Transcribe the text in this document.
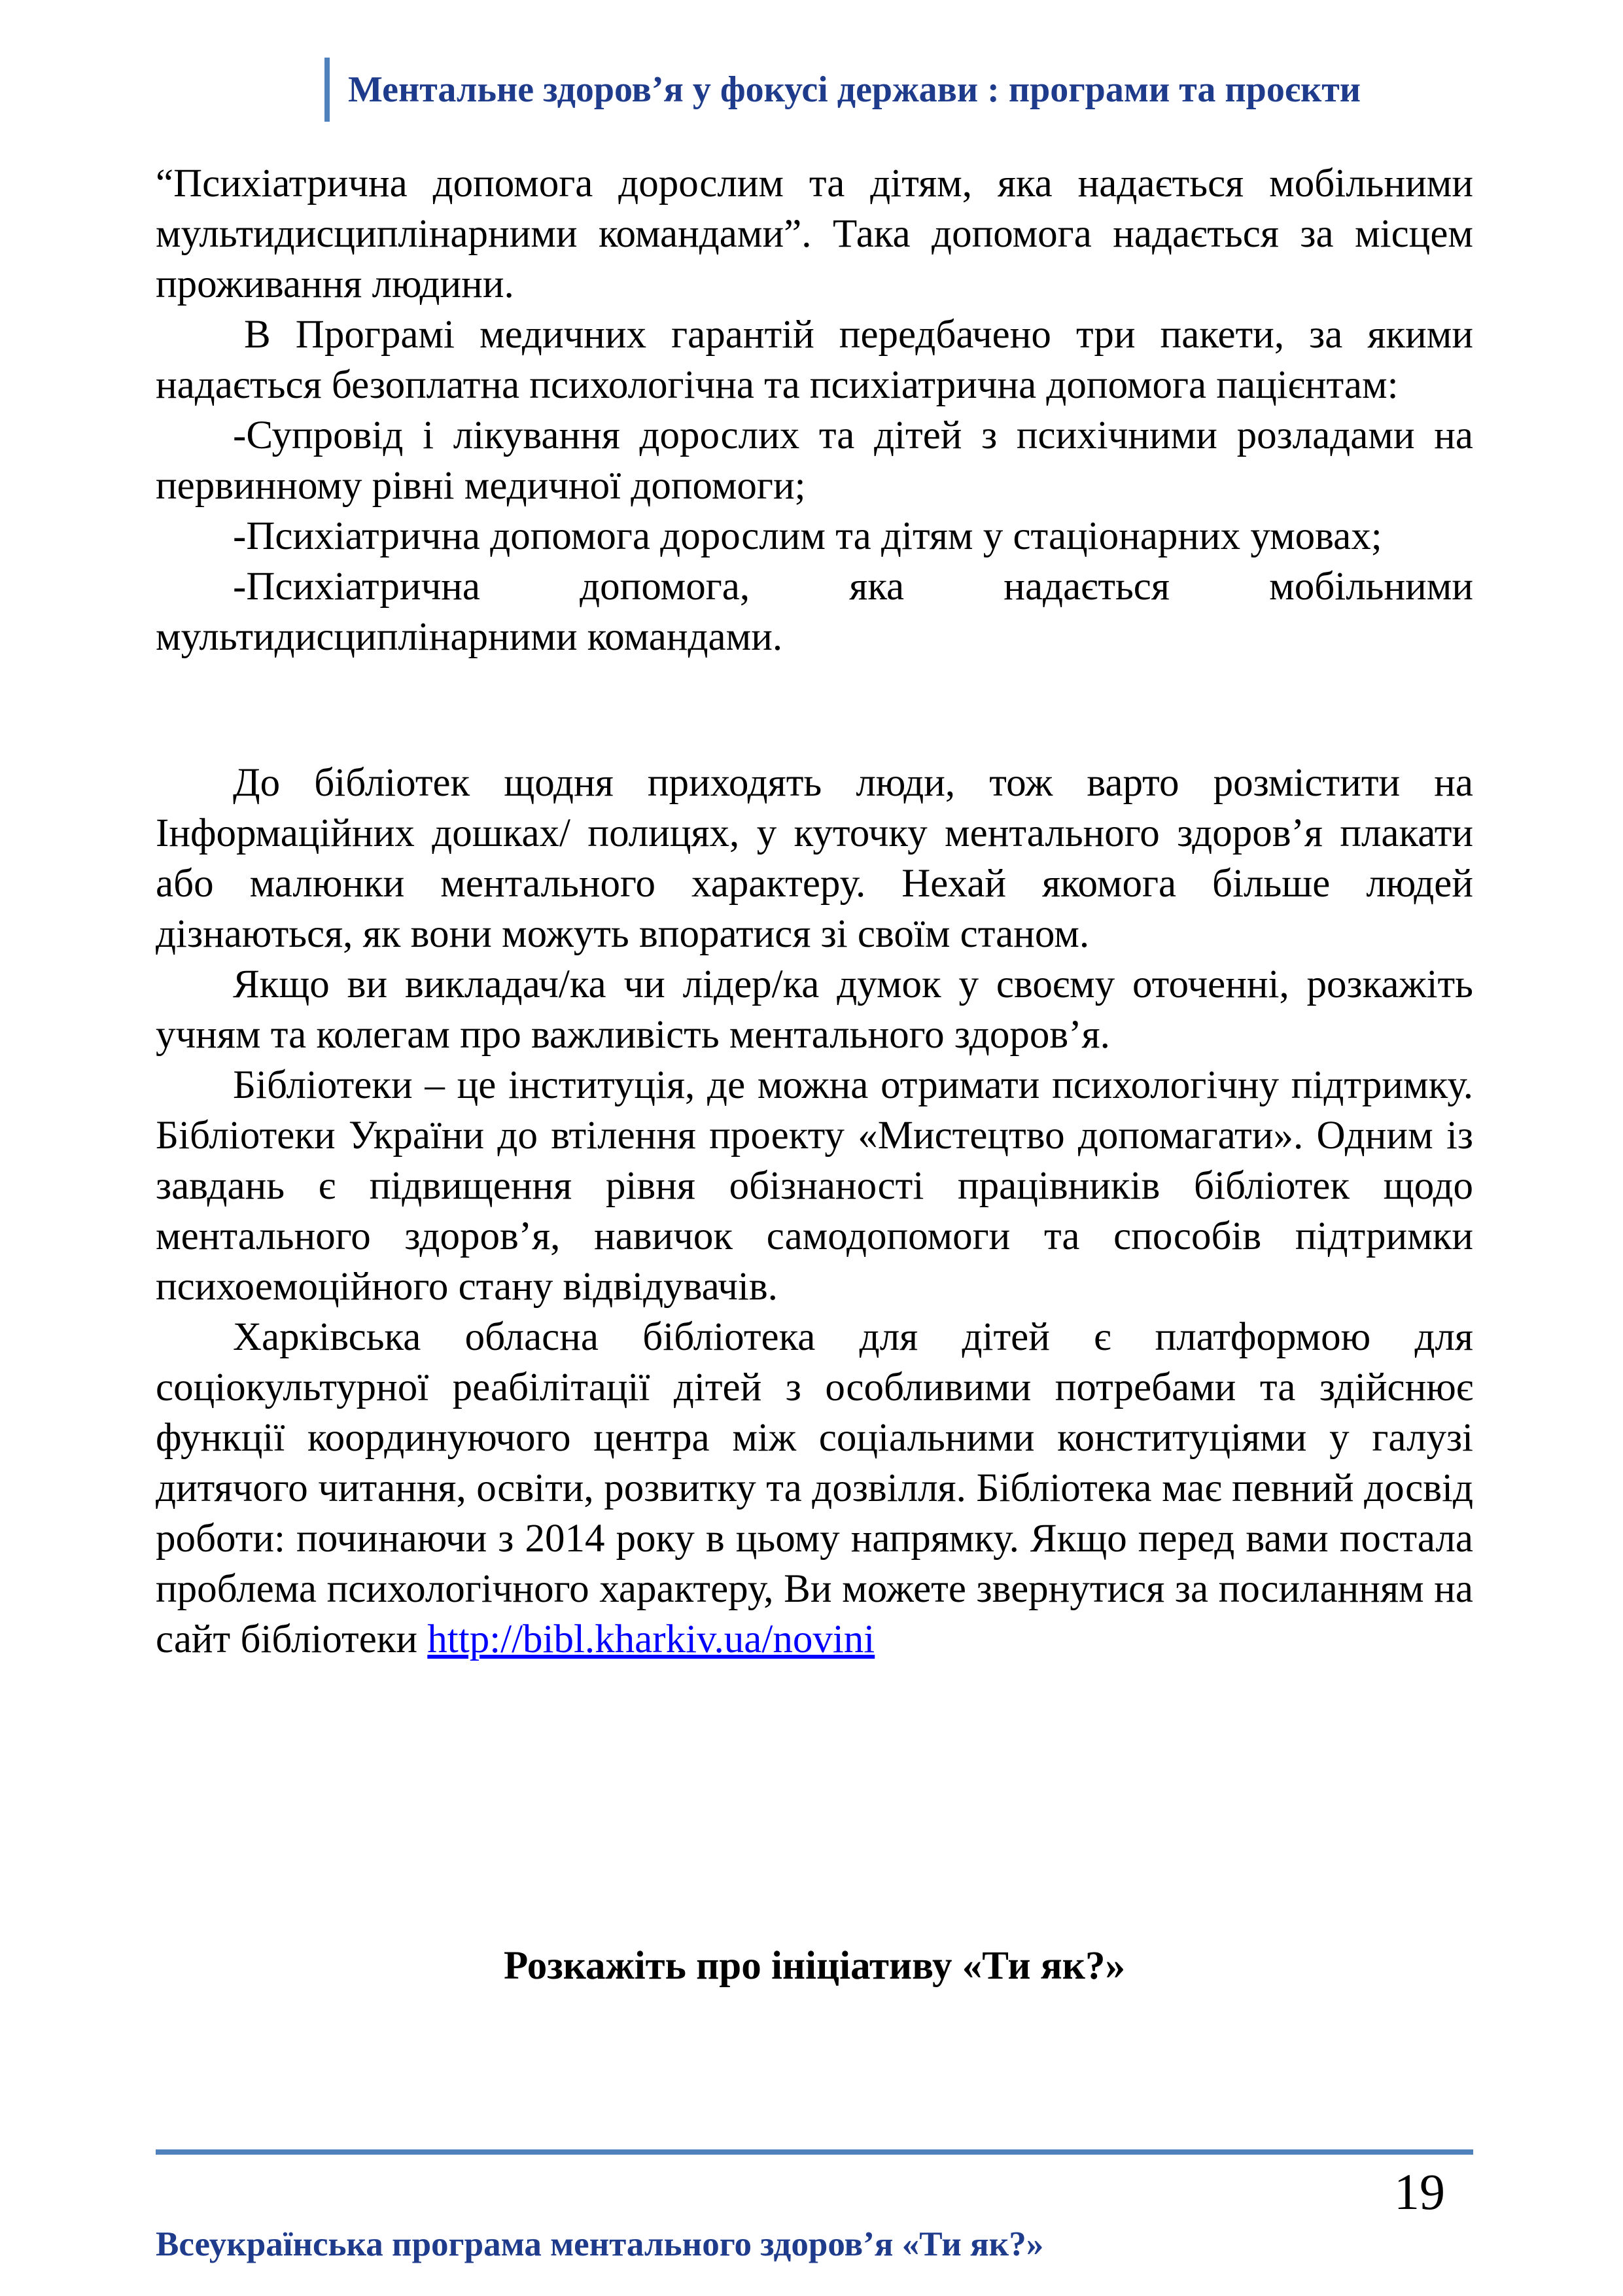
Ментальне здоров’я у фокусі держави : програми та проєкти

“Психіатрична допомога дорослим та дітям, яка надається мобільними мультидисциплінарними командами”. Така допомога надається за місцем проживання людини.

В Програмі медичних гарантій передбачено три пакети, за якими надається безоплатна психологічна та психіатрична допомога пацієнтам:

-Супровід і лікування дорослих та дітей з психічними розладами на первинному рівні медичної допомоги;

-Психіатрична допомога дорослим та дітям у стаціонарних умовах;

-Психіатрична допомога, яка надається мобільними мультидисциплінарними командами.

До бібліотек щодня приходять люди, тож варто розмістити на Інформаційних дошках/ полицях, у куточку ментального здоров’я плакати або малюнки ментального характеру. Нехай якомога більше людей дізнаються, як вони можуть впоратися зі своїм станом.

Якщо ви викладач/ка чи лідер/ка думок у своєму оточенні, розкажіть учням та колегам про важливість ментального здоров’я.

Бібліотеки – це інституція, де можна отримати психологічну підтримку. Бібліотеки України до втілення проекту «Мистецтво допомагати». Одним із завдань є підвищення рівня обізнаності працівників бібліотек щодо ментального здоров’я, навичок самодопомоги та способів підтримки психоемоційного стану відвідувачів.

Харківська обласна бібліотека для дітей є платформою для соціокультурної реабілітації дітей з особливими потребами та здійснює функції координуючого центра між соціальними конституціями у галузі дитячого читання, освіти, розвитку та дозвілля. Бібліотека має певний досвід роботи: починаючи з 2014 року в цьому напрямку. Якщо перед вами постала проблема психологічного характеру, Ви можете звернутися за посиланням на сайт бібліотеки http://bibl.kharkiv.ua/novini

Розкажіть про ініціативу «Ти як?»
19
Всеукраїнська програма ментального здоров’я «Ти як?»
